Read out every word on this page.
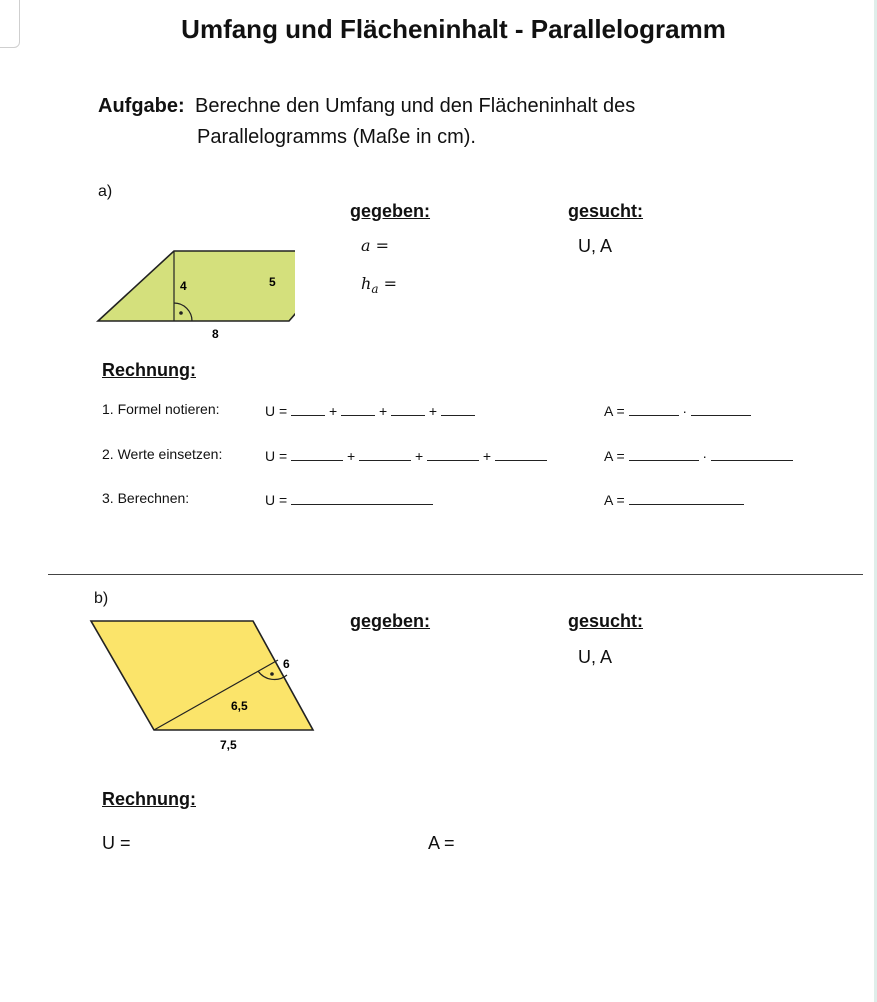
Umfang und Flächeninhalt - Parallelogramm
Aufgabe: Berechne den Umfang und den Flächeninhalt des
Parallelogramms (Maße in cm).
a)
gegeben:	gesucht:
a =
$h_a$ =
U, A
4	5
8
Rechnung:
1. Formel notieren:	U =	+	+	+	A =	·
2. Werte einsetzen:	U =	+	+	+	A =	·
3. Berechnen:	U =	A =
b)
gegeben:	gesucht:
U, A
6
6,5
7,5
Rechnung:
U =	A =
